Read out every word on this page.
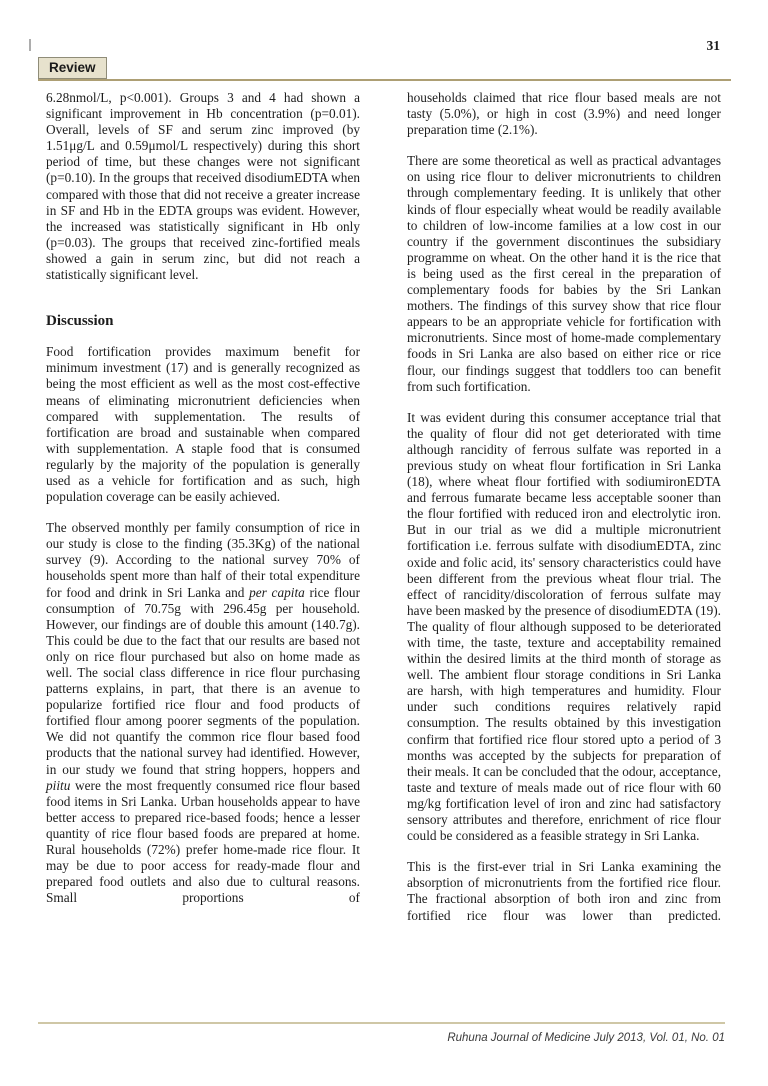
31
Review

6.28nmol/L, p<0.001). Groups 3 and 4 had shown a significant improvement in Hb concentration (p=0.01). Overall, levels of SF and serum zinc improved (by 1.51μg/L and 0.59μmol/L respectively) during this short period of time, but these changes were not significant (p=0.10). In the groups that received disodiumEDTA when compared with those that did not receive a greater increase in SF and Hb in the EDTA groups was evident. However, the increased was statistically significant in Hb only (p=0.03). The groups that received zinc-fortified meals showed a gain in serum zinc, but did not reach a statistically significant level.

Discussion

Food fortification provides maximum benefit for minimum investment (17) and is generally recognized as being the most efficient as well as the most cost-effective means of eliminating micronutrient deficiencies when compared with supplementation. The results of fortification are broad and sustainable when compared with supplementation. A staple food that is consumed regularly by the majority of the population is generally used as a vehicle for fortification and as such, high population coverage can be easily achieved.

The observed monthly per family consumption of rice in our study is close to the finding (35.3Kg) of the national survey (9). According to the national survey 70% of households spent more than half of their total expenditure for food and drink in Sri Lanka and per capita rice flour consumption of 70.75g with 296.45g per household. However, our findings are of double this amount (140.7g). This could be due to the fact that our results are based not only on rice flour purchased but also on home made as well. The social class difference in rice flour purchasing patterns explains, in part, that there is an avenue to popularize fortified rice flour and food products of fortified flour among poorer segments of the population. We did not quantify the common rice flour based food products that the national survey had identified. However, in our study we found that string hoppers, hoppers and piitu were the most frequently consumed rice flour based food items in Sri Lanka. Urban households appear to have better access to prepared rice-based foods; hence a lesser quantity of rice flour based foods are prepared at home. Rural households (72%) prefer home-made rice flour. It may be due to poor access for ready-made flour and prepared food outlets and also due to cultural reasons. Small proportions of

households claimed that rice flour based meals are not tasty (5.0%), or high in cost (3.9%) and need longer preparation time (2.1%).

There are some theoretical as well as practical advantages on using rice flour to deliver micronutrients to children through complementary feeding. It is unlikely that other kinds of flour especially wheat would be readily available to children of low-income families at a low cost in our country if the government discontinues the subsidiary programme on wheat. On the other hand it is the rice that is being used as the first cereal in the preparation of complementary foods for babies by the Sri Lankan mothers. The findings of this survey show that rice flour appears to be an appropriate vehicle for fortification with micronutrients. Since most of home-made complementary foods in Sri Lanka are also based on either rice or rice flour, our findings suggest that toddlers too can benefit from such fortification.

It was evident during this consumer acceptance trial that the quality of flour did not get deteriorated with time although rancidity of ferrous sulfate was reported in a previous study on wheat flour fortification in Sri Lanka (18), where wheat flour fortified with sodiumironEDTA and ferrous fumarate became less acceptable sooner than the flour fortified with reduced iron and electrolytic iron. But in our trial as we did a multiple micronutrient fortification i.e. ferrous sulfate with disodiumEDTA, zinc oxide and folic acid, its' sensory characteristics could have been different from the previous wheat flour trial. The effect of rancidity/discoloration of ferrous sulfate may have been masked by the presence of disodiumEDTA (19). The quality of flour although supposed to be deteriorated with time, the taste, texture and acceptability remained within the desired limits at the third month of storage as well. The ambient flour storage conditions in Sri Lanka are harsh, with high temperatures and humidity. Flour under such conditions requires relatively rapid consumption. The results obtained by this investigation confirm that fortified rice flour stored upto a period of 3 months was accepted by the subjects for preparation of their meals. It can be concluded that the odour, acceptance, taste and texture of meals made out of rice flour with 60 mg/kg fortification level of iron and zinc had satisfactory sensory attributes and therefore, enrichment of rice flour could be considered as a feasible strategy in Sri Lanka.

This is the first-ever trial in Sri Lanka examining the absorption of micronutrients from the fortified rice flour. The fractional absorption of both iron and zinc from fortified rice flour was lower than predicted.

Ruhuna Journal of Medicine July 2013, Vol. 01, No. 01
